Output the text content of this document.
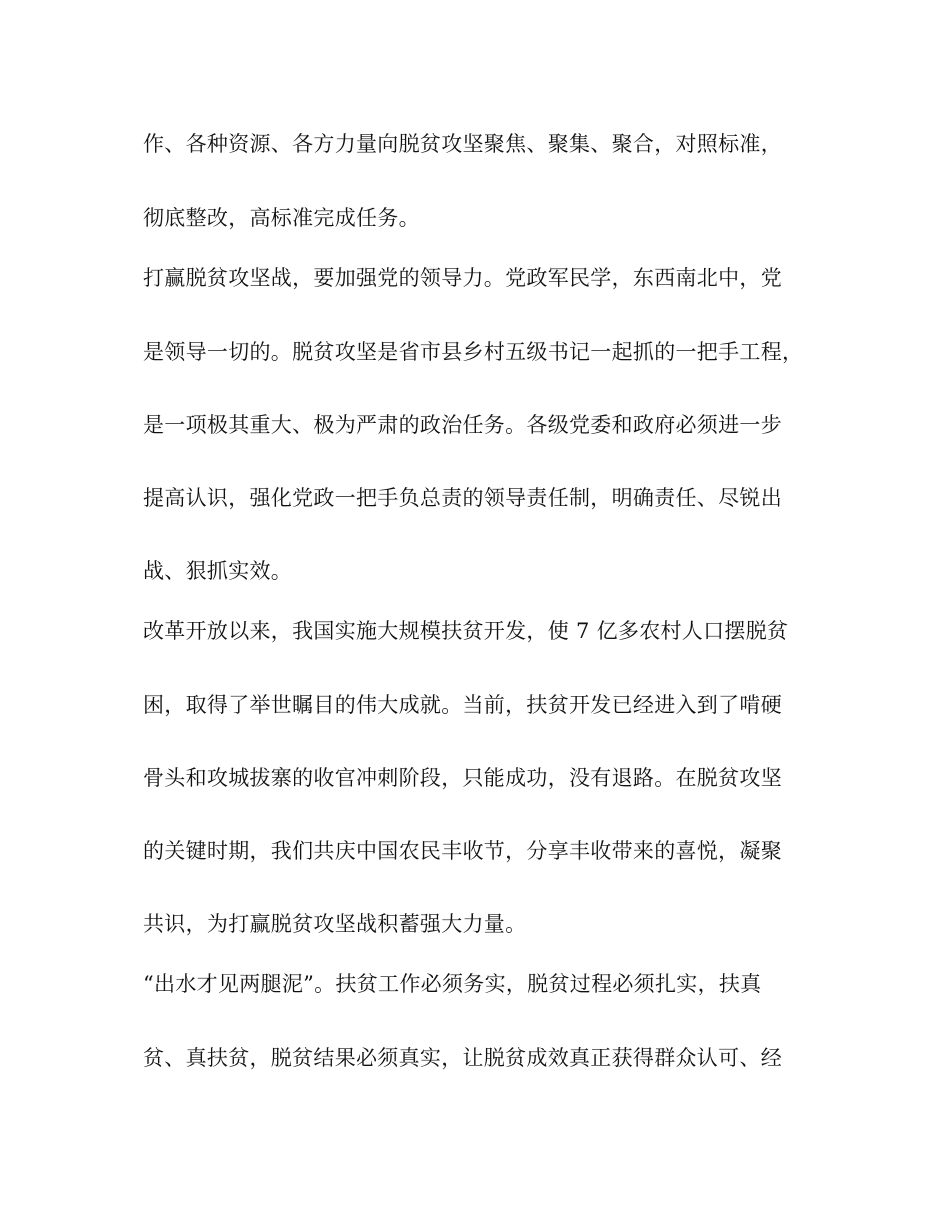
作、各种资源、各方力量向脱贫攻坚聚焦、聚集、聚合，对照标准，
彻底整改，高标准完成任务。
打赢脱贫攻坚战，要加强党的领导力。党政军民学，东西南北中，党
是领导一切的。脱贫攻坚是省市县乡村五级书记一起抓的一把手工程，
是一项极其重大、极为严肃的政治任务。各级党委和政府必须进一步
提高认识，强化党政一把手负总责的领导责任制，明确责任、尽锐出
战、狠抓实效。
改革开放以来，我国实施大规模扶贫开发，使 7 亿多农村人口摆脱贫
困，取得了举世瞩目的伟大成就。当前，扶贫开发已经进入到了啃硬
骨头和攻城拔寨的收官冲刺阶段，只能成功，没有退路。在脱贫攻坚
的关键时期，我们共庆中国农民丰收节，分享丰收带来的喜悦，凝聚
共识，为打赢脱贫攻坚战积蓄强大力量。
“出水才见两腿泥”。扶贫工作必须务实，脱贫过程必须扎实，扶真
贫、真扶贫，脱贫结果必须真实，让脱贫成效真正获得群众认可、经
